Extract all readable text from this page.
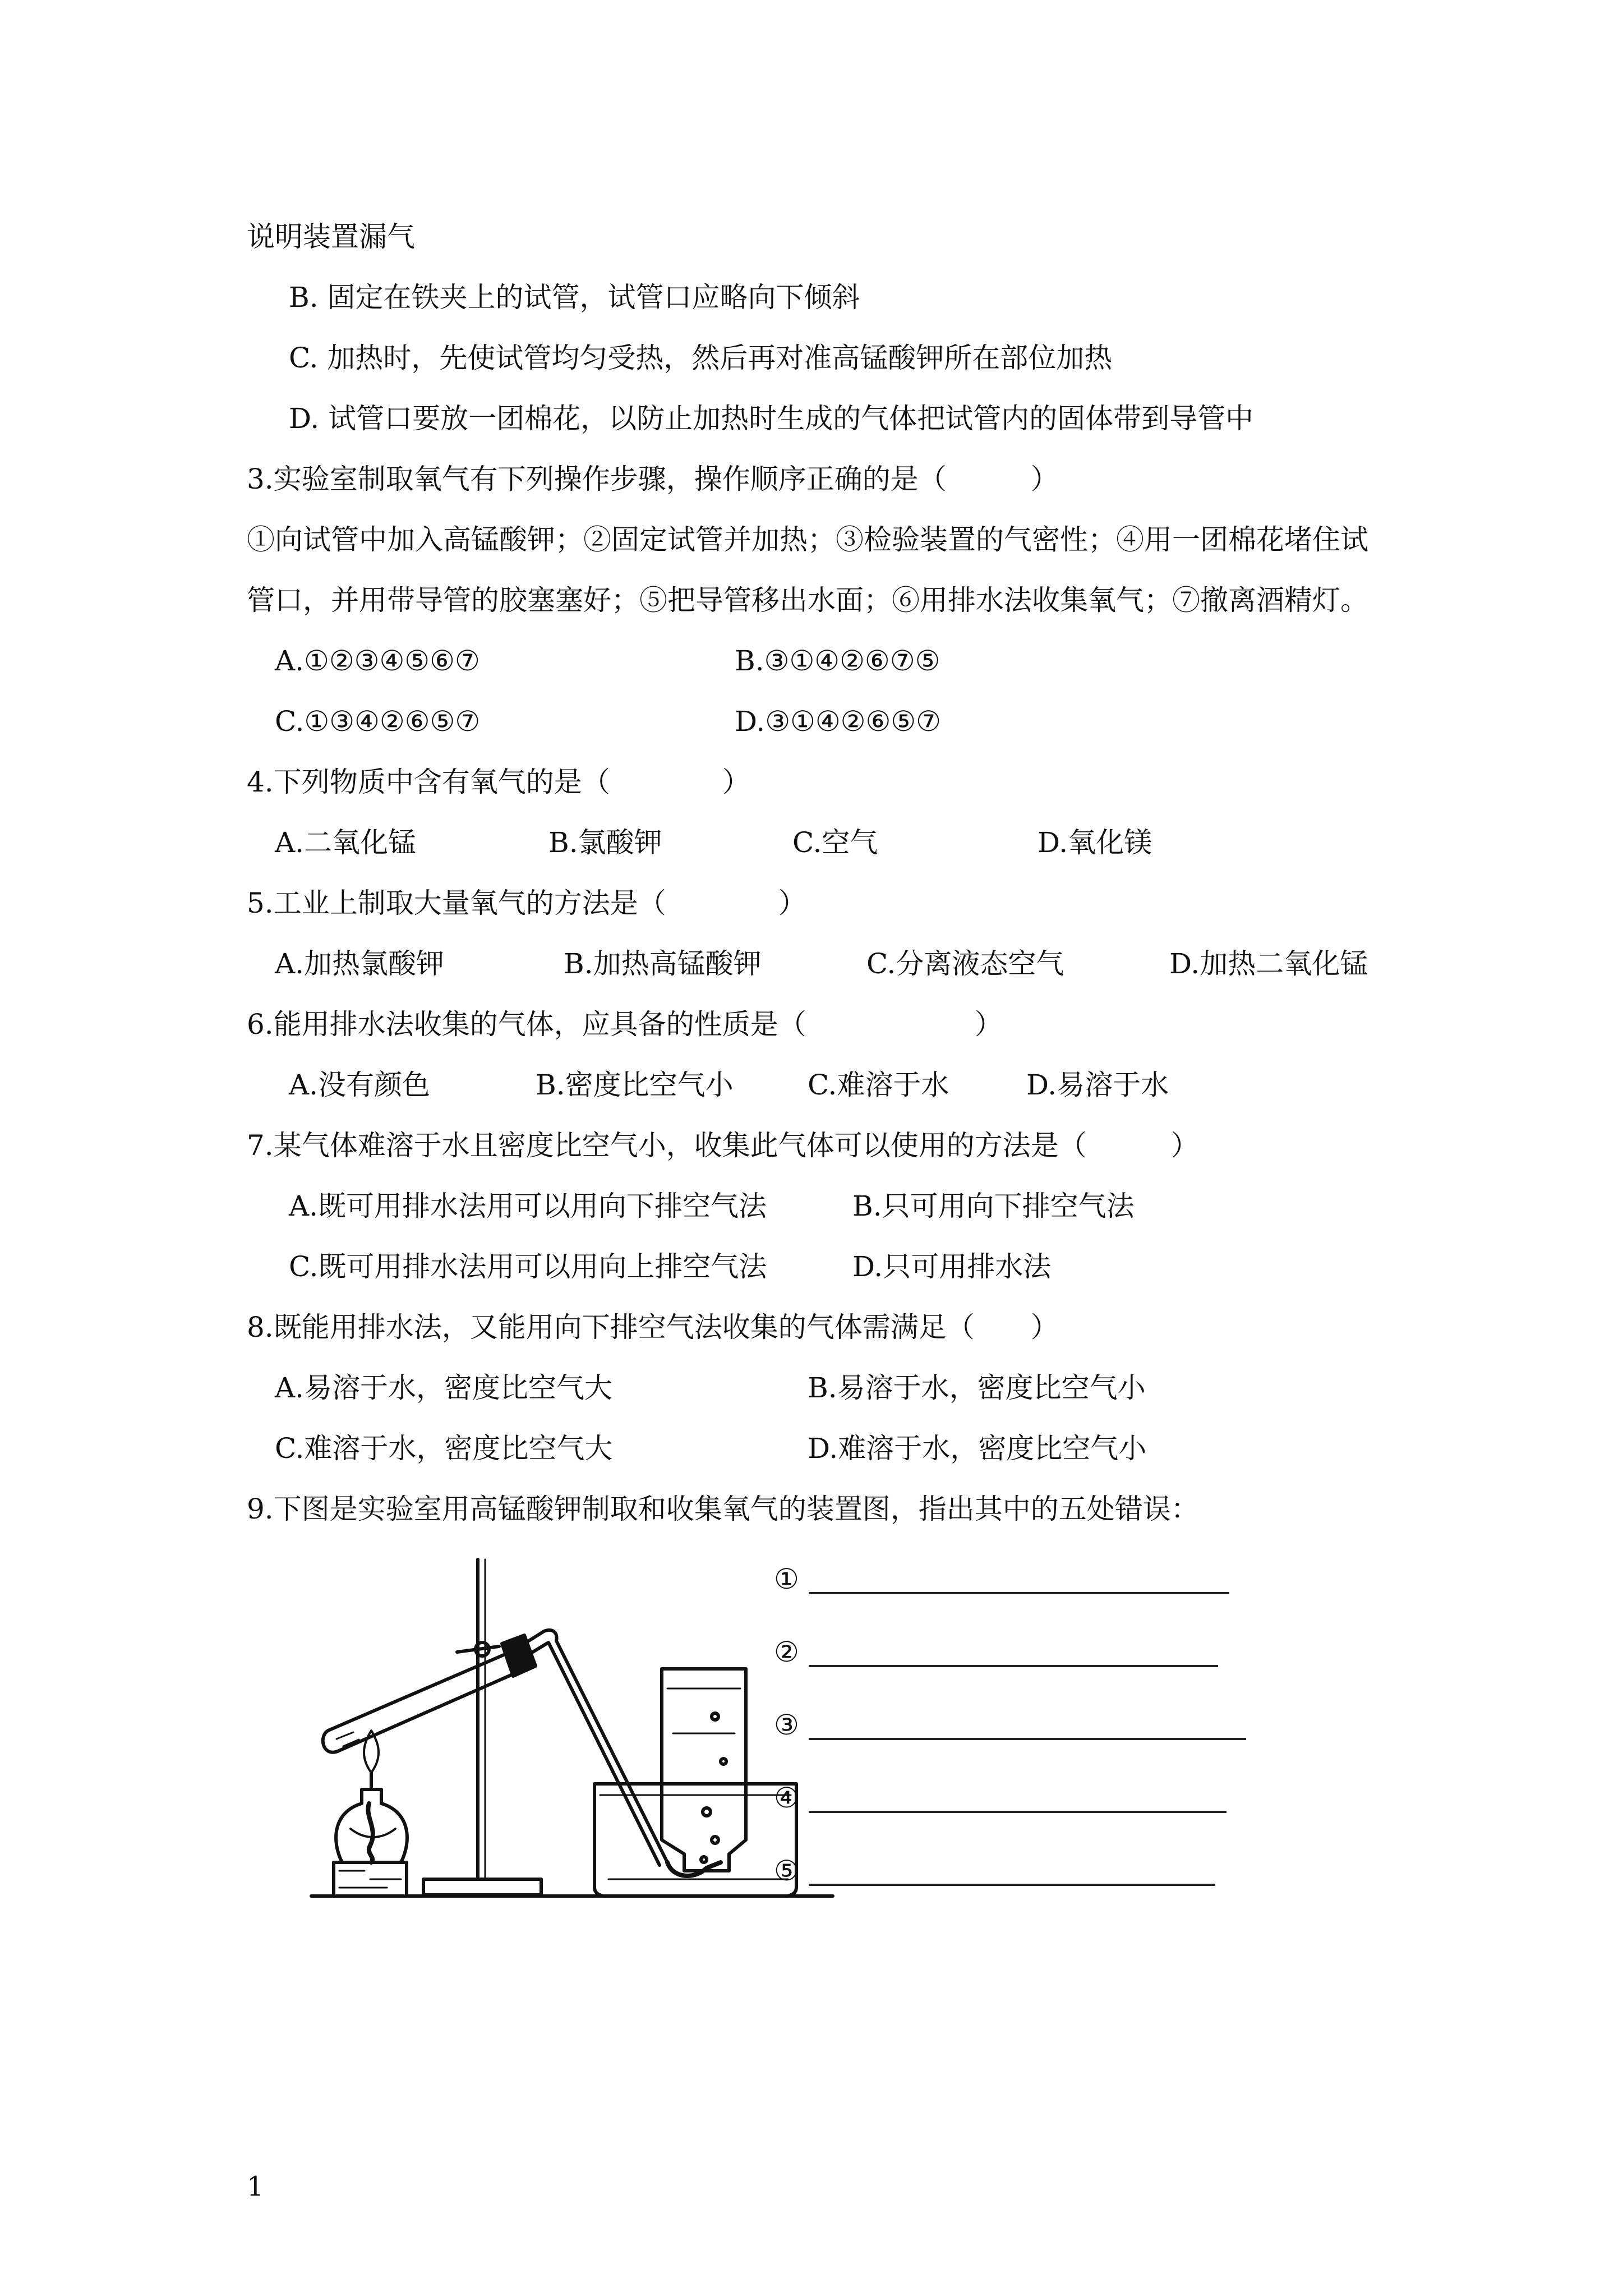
说明装置漏气
B. 固定在铁夹上的试管，试管口应略向下倾斜
C. 加热时，先使试管均匀受热，然后再对准高锰酸钾所在部位加热
D. 试管口要放一团棉花，以防止加热时生成的气体把试管内的固体带到导管中
3.实验室制取氧气有下列操作步骤，操作顺序正确的是（　　　）
①向试管中加入高锰酸钾；②固定试管并加热；③检验装置的气密性；④用一团棉花堵住试
管口，并用带导管的胶塞塞好；⑤把导管移出水面；⑥用排水法收集氧气；⑦撤离酒精灯。
A.①②③④⑤⑥⑦	B.③①④②⑥⑦⑤
C.①③④②⑥⑤⑦	D.③①④②⑥⑤⑦
4.下列物质中含有氧气的是（　　　　）
A.二氧化锰	B.氯酸钾	C.空气	D.氧化镁
5.工业上制取大量氧气的方法是（　　　　）
A.加热氯酸钾	B.加热高锰酸钾	C.分离液态空气	D.加热二氧化锰
6.能用排水法收集的气体，应具备的性质是（　　　　　　）
A.没有颜色	B.密度比空气小	C.难溶于水	D.易溶于水
7.某气体难溶于水且密度比空气小，收集此气体可以使用的方法是（　　　）
A.既可用排水法用可以用向下排空气法	B.只可用向下排空气法
C.既可用排水法用可以用向上排空气法	D.只可用排水法
8.既能用排水法，又能用向下排空气法收集的气体需满足（　　）
A.易溶于水，密度比空气大	B.易溶于水，密度比空气小
C.难溶于水，密度比空气大	D.难溶于水，密度比空气小
9.下图是实验室用高锰酸钾制取和收集氧气的装置图，指出其中的五处错误：
①
②
③
④
⑤
1
